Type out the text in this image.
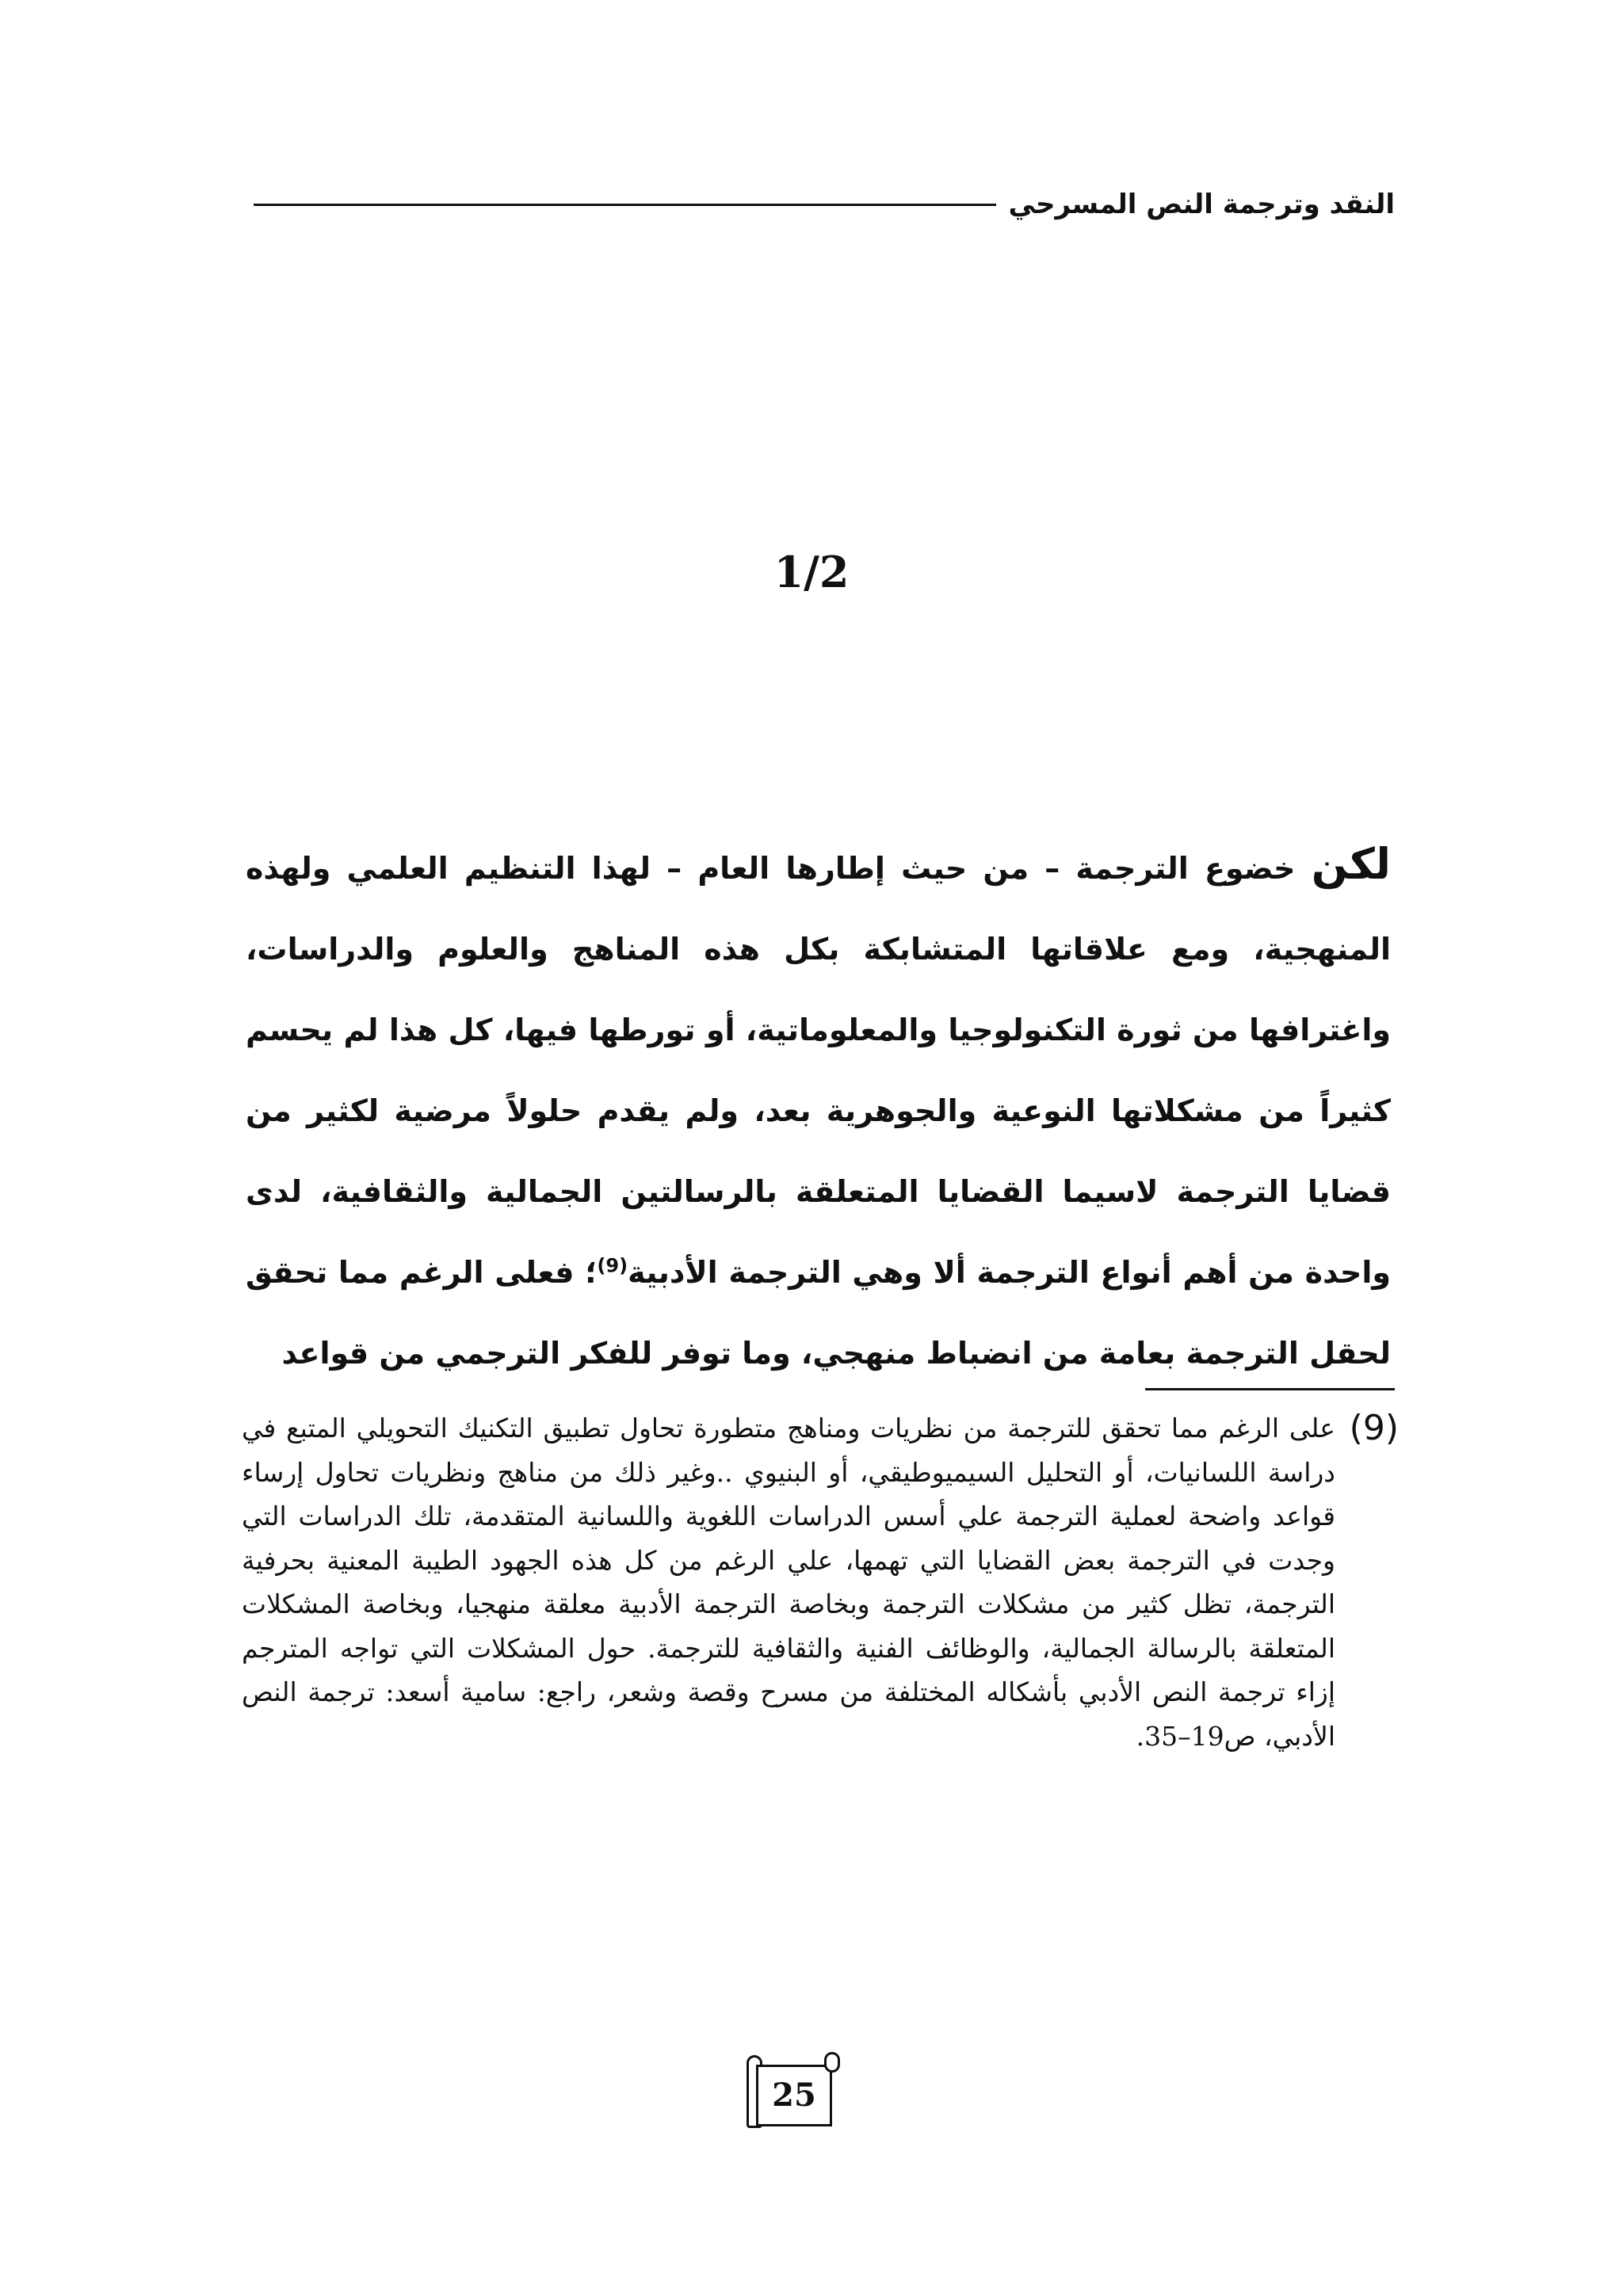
النقد وترجمة النص المسرحي
1/2
لكن خضوع الترجمة – من حيث إطارها العام – لهذا التنظيم العلمي ولهذه المنهجية، ومع علاقاتها المتشابكة بكل هذه المناهج والعلوم والدراسات، واغترافها من ثورة التكنولوجيا والمعلوماتية، أو تورطها فيها، كل هذا لم يحسم كثيراً من مشكلاتها النوعية والجوهرية بعد، ولم يقدم حلولاً مرضية لكثير من قضايا الترجمة لاسيما القضايا المتعلقة بالرسالتين الجمالية والثقافية، لدى واحدة من أهم أنواع الترجمة ألا وهي الترجمة الأدبية$^{(9)}$؛ فعلى الرغم مما تحقق لحقل الترجمة بعامة من انضباط منهجي، وما توفر للفكر الترجمي من قواعد
(9)
على الرغم مما تحقق للترجمة من نظريات ومناهج متطورة تحاول تطبيق التكنيك التحويلي المتبع في دراسة اللسانيات، أو التحليل السيميوطيقي، أو البنيوي ..وغير ذلك من مناهج ونظريات تحاول إرساء قواعد واضحة لعملية الترجمة علي أسس الدراسات اللغوية واللسانية المتقدمة، تلك الدراسات التي وجدت في الترجمة بعض القضايا التي تهمها، علي الرغم من كل هذه الجهود الطيبة المعنية بحرفية الترجمة، تظل كثير من مشكلات الترجمة وبخاصة الترجمة الأدبية معلقة منهجيا، وبخاصة المشكلات المتعلقة بالرسالة الجمالية، والوظائف الفنية والثقافية للترجمة. حول المشكلات التي تواجه المترجم إزاء ترجمة النص الأدبي بأشكاله المختلفة من مسرح وقصة وشعر، راجع: سامية أسعد: ترجمة النص الأدبي، ص19–35.
25
